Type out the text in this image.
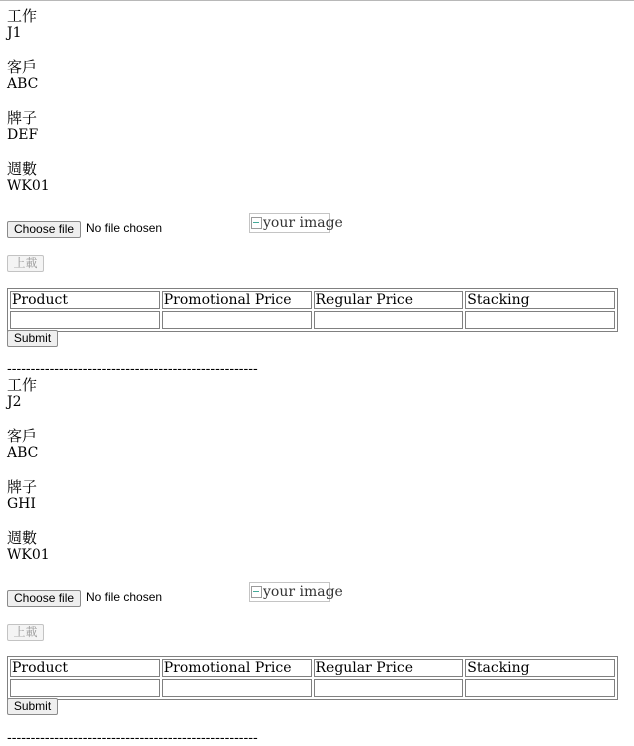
工作
J1
客戶
ABC
牌子
DEF
週數
WK01
Choose file No file chosen	your image
上載
Product	Promotional Price	Regular Price	Stacking

Submit
-----------------------------------------------------
工作
J2
客戶
ABC
牌子
GHI
週數
WK01
Choose file No file chosen	your image
上載
Product	Promotional Price	Regular Price	Stacking

Submit
-----------------------------------------------------
